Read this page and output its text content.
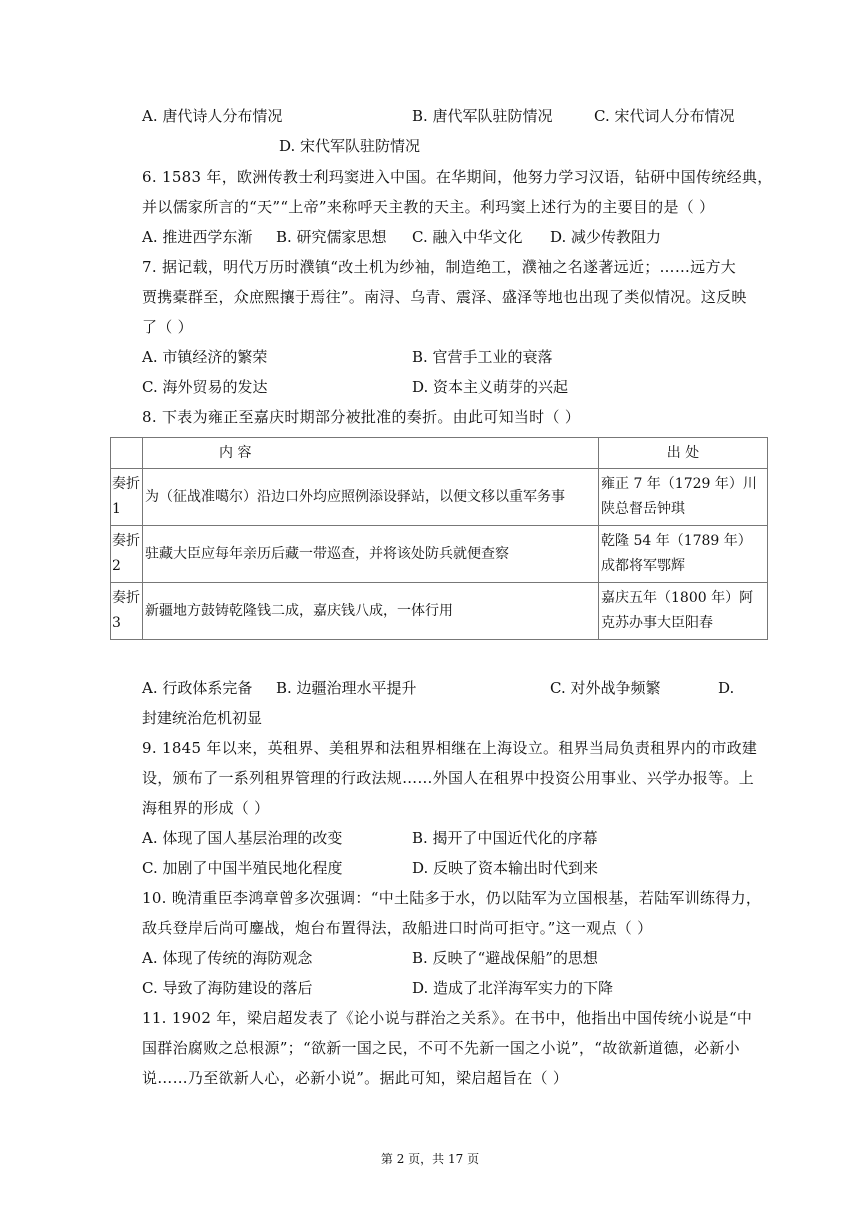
A. 唐代诗人分布情况	B. 唐代军队驻防情况	C. 宋代词人分布情况
D. 宋代军队驻防情况
6. 1583 年，欧洲传教士利玛窦进入中国。在华期间，他努力学习汉语，钻研中国传统经典，
并以儒家所言的“天”“上帝”来称呼天主教的天主。利玛窦上述行为的主要目的是（ ）
A. 推进西学东渐 B. 研究儒家思想 C. 融入中华文化 D. 减少传教阻力
7. 据记载，明代万历时濮镇“改土机为纱袖，制造绝工，濮袖之名遂著远近；……远方大
贾携橐群至，众庶熙攘于焉往”。南浔、乌青、震泽、盛泽等地也出现了类似情况。这反映
了（ ）
A. 市镇经济的繁荣	B. 官营手工业的衰落
C. 海外贸易的发达	D. 资本主义萌芽的兴起
8. 下表为雍正至嘉庆时期部分被批准的奏折。由此可知当时（ ）
	内 容	出 处
奏折1	为（征战准噶尔）沿边口外均应照例添设驿站，以便文移以重军务事	雍正 7 年（1729 年）川陕总督岳钟琪
奏折2	驻藏大臣应每年亲历后藏一带巡查，并将该处防兵就便查察	乾隆 54 年（1789 年）成都将军鄂辉
奏折3	新疆地方鼓铸乾隆钱二成，嘉庆钱八成，一体行用	嘉庆五年（1800 年）阿克苏办事大臣阳春
A. 行政体系完备 B. 边疆治理水平提升	C. 对外战争频繁	D.
封建统治危机初显
9. 1845 年以来，英租界、美租界和法租界相继在上海设立。租界当局负责租界内的市政建
设，颁布了一系列租界管理的行政法规……外国人在租界中投资公用事业、兴学办报等。上
海租界的形成（ ）
A. 体现了国人基层治理的改变	B. 揭开了中国近代化的序幕
C. 加剧了中国半殖民地化程度	D. 反映了资本输出时代到来
10. 晚清重臣李鸿章曾多次强调：“中土陆多于水，仍以陆军为立国根基，若陆军训练得力，
敌兵登岸后尚可鏖战，炮台布置得法，敌船进口时尚可拒守。”这一观点（ ）
A. 体现了传统的海防观念	B. 反映了“避战保船”的思想
C. 导致了海防建设的落后	D. 造成了北洋海军实力的下降
11. 1902 年，梁启超发表了《论小说与群治之关系》。在书中，他指出中国传统小说是“中
国群治腐败之总根源”；“欲新一国之民，不可不先新一国之小说”，“故欲新道德，必新小
说……乃至欲新人心，必新小说”。据此可知，梁启超旨在（ ）
第 2 页，共 17 页
